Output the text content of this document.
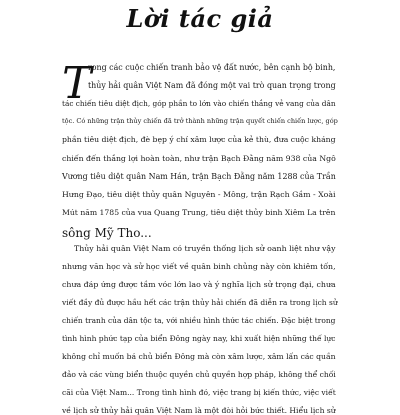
Lời tác giả
T
rong các cuộc chiến tranh bảo vệ đất nước, bên cạnh bộ binh,
thủy hải quân Việt Nam đã đóng một vai trò quan trọng trong
tác chiến tiêu diệt địch, góp phần to lớn vào chiến thắng vẻ vang của dân
tộc. Có những trận thủy chiến đã trở thành những trận quyết chiến chiến lược, góp
phần tiêu diệt địch, đè bẹp ý chí xâm lược của kẻ thù, đưa cuộc kháng
chiến đến thắng lợi hoàn toàn, như trận Bạch Đằng năm 938 của Ngô
Vương tiêu diệt quân Nam Hán, trận Bạch Đằng năm 1288 của Trần
Hưng Đạo, tiêu diệt thủy quân Nguyên - Mông, trận Rạch Gầm - Xoài
Mút năm 1785 của vua Quang Trung, tiêu diệt thủy binh Xiêm La trên
sông Mỹ Tho...
Thủy hải quân Việt Nam có truyền thống lịch sử oanh liệt như vậy
nhưng văn học và sử học viết về quân binh chủng này còn khiêm tốn,
chưa đáp ứng được tầm vóc lớn lao và ý nghĩa lịch sử trọng đại, chưa
viết đầy đủ được hầu hết các trận thủy hải chiến đã diễn ra trong lịch sử
chiến tranh của dân tộc ta, với nhiều hình thức tác chiến. Đặc biệt trong
tình hình phức tạp của biển Đông ngày nay, khi xuất hiện những thế lực
không chỉ muốn bá chủ biển Đông mà còn xâm lược, xâm lấn các quần
đảo và các vùng biển thuộc quyền chủ quyền hợp pháp, không thể chối
cãi của Việt Nam... Trong tình hình đó, việc trang bị kiến thức, việc viết
về lịch sử thủy hải quân Việt Nam là một đòi hỏi bức thiết. Hiểu lịch sử
